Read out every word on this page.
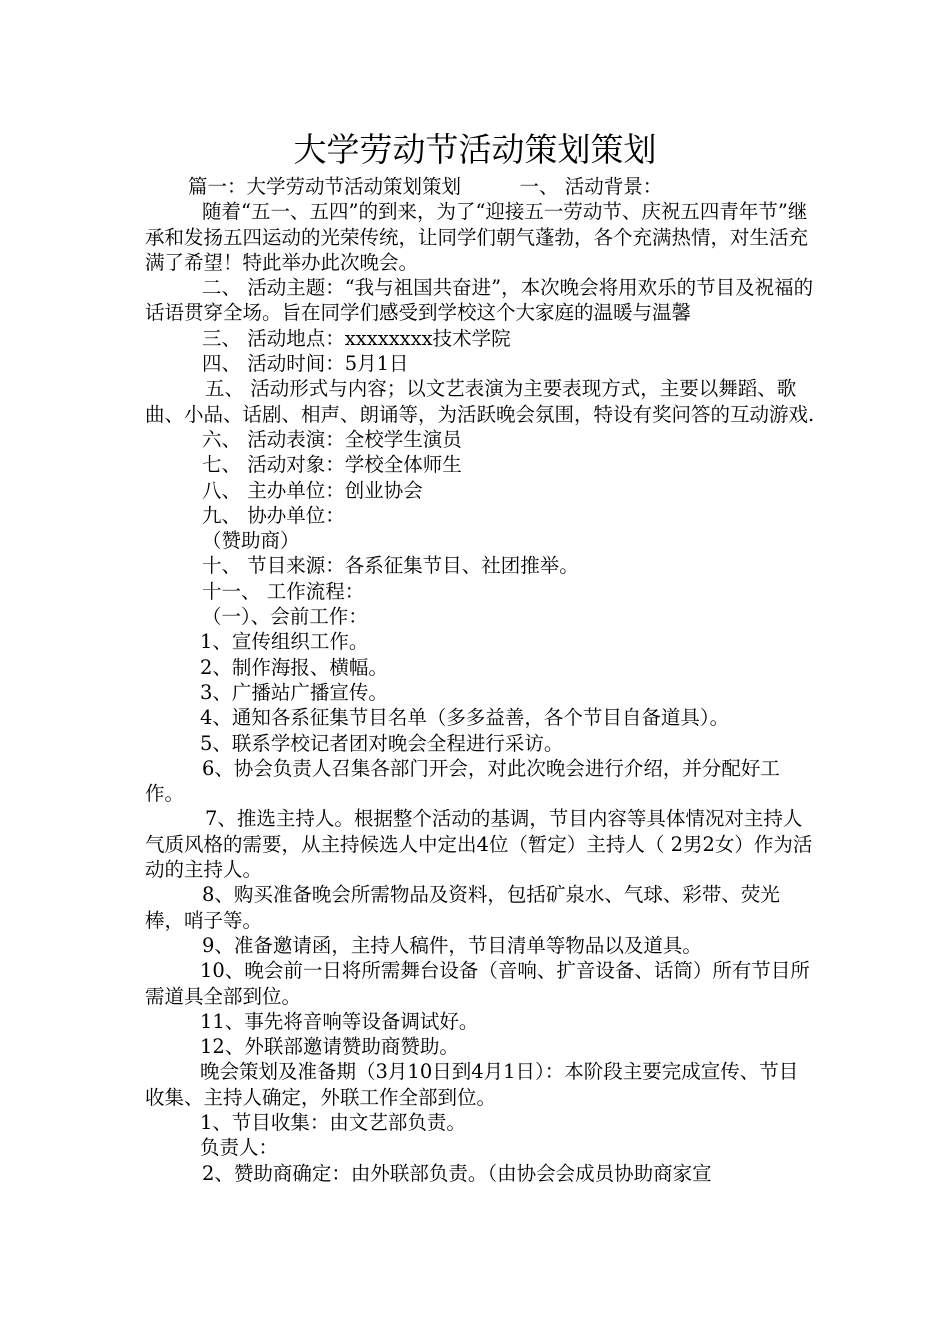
大学劳动节活动策划策划

篇一：大学劳动节活动策划策划　　　一、 活动背景：

随着“五一、五四”的到来，为了“迎接五一劳动节、庆祝五四青年节”继承和发扬五四运动的光荣传统，让同学们朝气蓬勃，各个充满热情，对生活充满了希望！特此举办此次晚会。

二、 活动主题：“我与祖国共奋进”，本次晚会将用欢乐的节目及祝福的话语贯穿全场。旨在同学们感受到学校这个大家庭的温暖与温馨

三、 活动地点：xxxxxxxx技术学院

四、 活动时间：5月1日

五、 活动形式与内容；以文艺表演为主要表现方式，主要以舞蹈、歌曲、小品、话剧、相声、朗诵等，为活跃晚会氛围，特设有奖问答的互动游戏.

六、 活动表演：全校学生演员

七、 活动对象：学校全体师生

八、 主办单位：创业协会

九、 协办单位：

（赞助商）

十、 节目来源：各系征集节目、社团推举。

十一、 工作流程：

（一）、会前工作：

1、宣传组织工作。

2、制作海报、横幅。

3、广播站广播宣传。

4、通知各系征集节目名单（多多益善，各个节目自备道具）。

5、联系学校记者团对晚会全程进行采访。

6、协会负责人召集各部门开会，对此次晚会进行介绍，并分配好工作。

7、推选主持人。根据整个活动的基调，节目内容等具体情况对主持人气质风格的需要，从主持候选人中定出4位（暂定）主持人（ 2男2女）作为活动的主持人。

8、购买准备晚会所需物品及资料，包括矿泉水、气球、彩带、荧光棒，哨子等。

9、准备邀请函，主持人稿件，节目清单等物品以及道具。

10、晚会前一日将所需舞台设备（音响、扩音设备、话筒）所有节目所需道具全部到位。

11、事先将音响等设备调试好。

12、外联部邀请赞助商赞助。

晚会策划及准备期（3月10日到4月1日）：本阶段主要完成宣传、节目收集、主持人确定，外联工作全部到位。

1、节目收集：由文艺部负责。

负责人：

2、赞助商确定：由外联部负责。（由协会会成员协助商家宣
